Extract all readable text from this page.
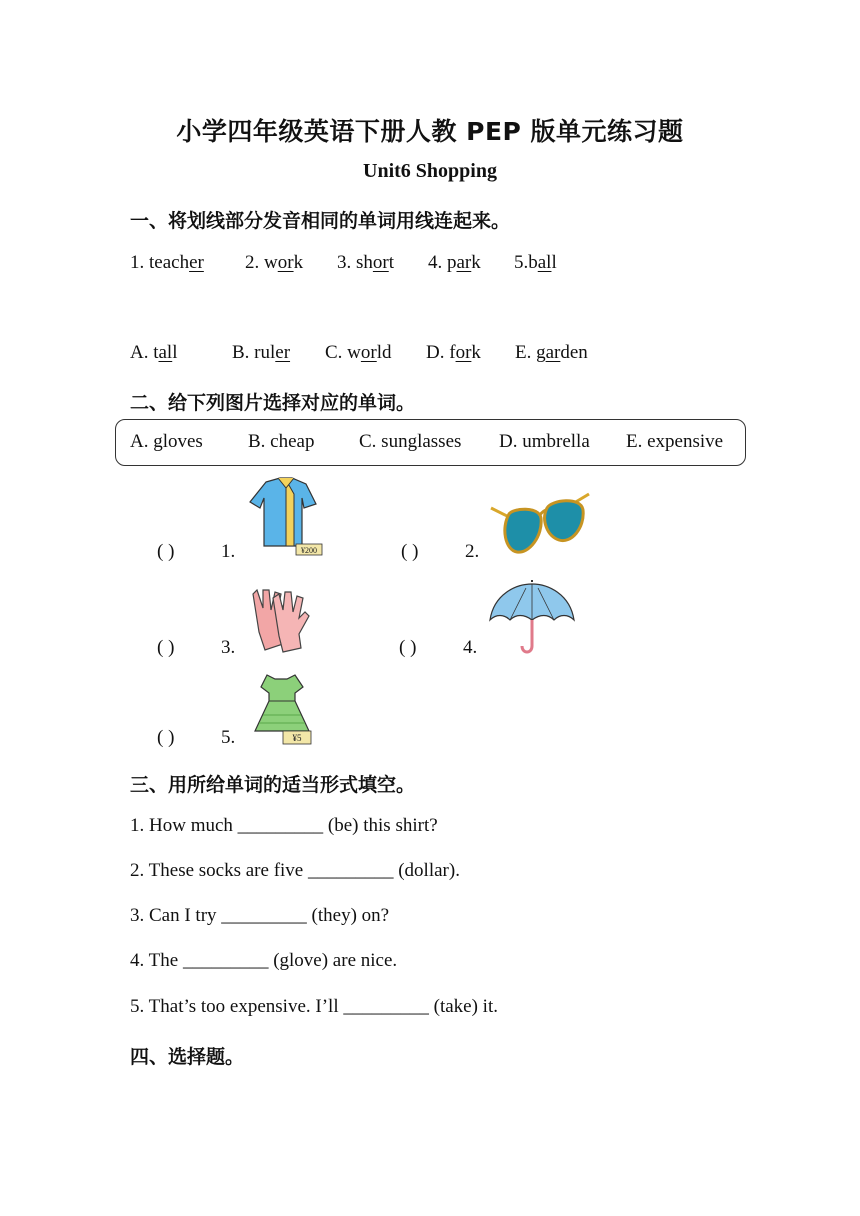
小学四年级英语下册人教 PEP 版单元练习题
Unit6 Shopping
一、将划线部分发音相同的单词用线连起来。
1. teacher 2. work 3. short 4. park 5.ball
A. tall	B. ruler C. world D. fork E. garden
二、给下列图片选择对应的单词。
A. gloves B. cheap C. sunglasses D. umbrella E. expensive
( ) 1.	¥200	( ) 2.
( ) 3.	( ) 4.
( ) 5.	¥5
三、用所给单词的适当形式填空。
1. How much _________ (be) this shirt?
2. These socks are five _________ (dollar).
3. Can I try _________ (they) on?
4. The _________ (glove) are nice.
5. That’s too expensive. I’ll _________ (take) it.
四、选择题。
